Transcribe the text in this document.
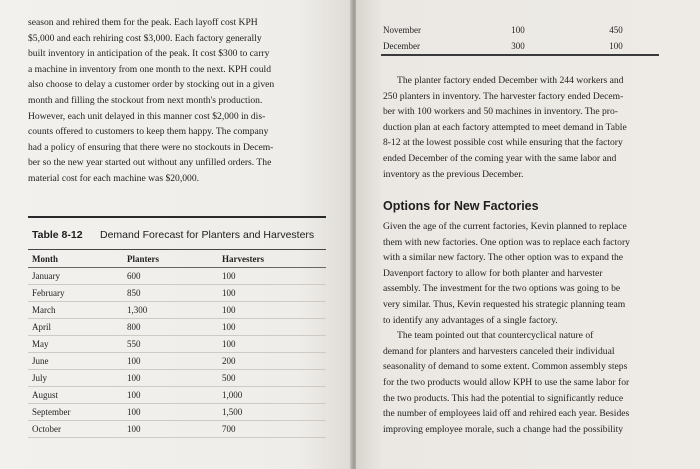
season and rehired them for the peak. Each layoff cost KPH
$5,000 and each rehiring cost $3,000. Each factory generally
built inventory in anticipation of the peak. It cost $300 to carry
a machine in inventory from one month to the next. KPH could
also choose to delay a customer order by stocking out in a given
month and filling the stockout from next month's production.
However, each unit delayed in this manner cost $2,000 in dis-
counts offered to customers to keep them happy. The company
had a policy of ensuring that there were no stockouts in Decem-
ber so the new year started out without any unfilled orders. The
material cost for each machine was $20,000.
Table 8-12	Demand Forecast for Planters and Harvesters
Month	Planters	Harvesters
January	600	100
February	850	100
March	1,300	100
April	800	100
May	550	100
June	100	200
July	100	500
August	100	1,000
September	100	1,500
October	100	700
November	100	450
December	300	100
The planter factory ended December with 244 workers and
250 planters in inventory. The harvester factory ended Decem-
ber with 100 workers and 50 machines in inventory. The pro-
duction plan at each factory attempted to meet demand in Table
8-12 at the lowest possible cost while ensuring that the factory
ended December of the coming year with the same labor and
inventory as the previous December.
Options for New Factories
Given the age of the current factories, Kevin planned to replace
them with new factories. One option was to replace each factory
with a similar new factory. The other option was to expand the
Davenport factory to allow for both planter and harvester
assembly. The investment for the two options was going to be
very similar. Thus, Kevin requested his strategic planning team
to identify any advantages of a single factory.
The team pointed out that countercyclical nature of
demand for planters and harvesters canceled their individual
seasonality of demand to some extent. Common assembly steps
for the two products would allow KPH to use the same labor for
the two products. This had the potential to significantly reduce
the number of employees laid off and rehired each year. Besides
improving employee morale, such a change had the possibility
